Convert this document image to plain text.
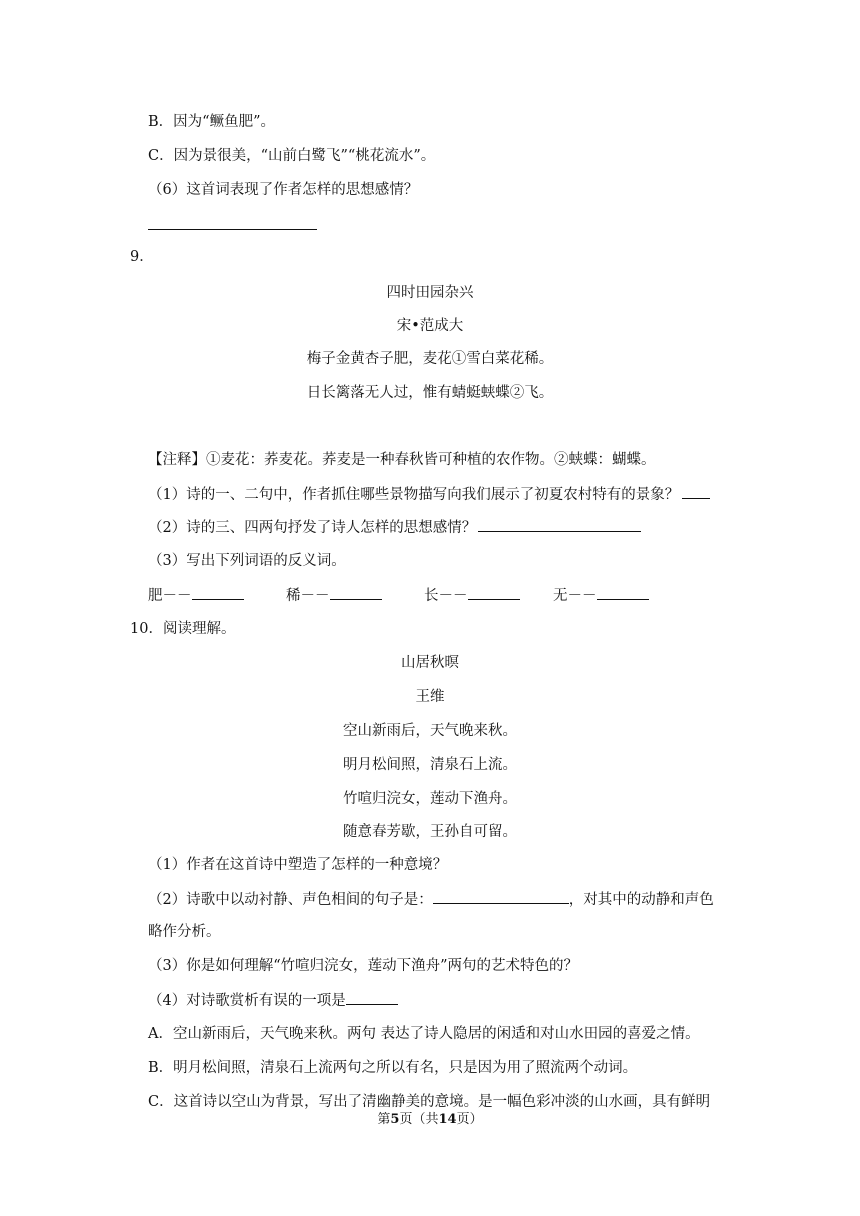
B．因为“鳜鱼肥”。
C．因为景很美，“山前白鹭飞”“桃花流水”。
（6）这首词表现了作者怎样的思想感情？
9．
四时田园杂兴
宋•范成大
梅子金黄杏子肥，麦花①雪白菜花稀。
日长篱落无人过，惟有蜻蜓蛱蝶②飞。
【注释】①麦花：荞麦花。荞麦是一种春秋皆可种植的农作物。②蛱蝶：蝴蝶。
（1）诗的一、二句中，作者抓住哪些景物描写向我们展示了初夏农村特有的景象？
（2）诗的三、四两句抒发了诗人怎样的思想感情？
（3）写出下列词语的反义词。
肥－－	稀－－	长－－	无－－
10．阅读理解。
山居秋暝
王维
空山新雨后，天气晚来秋。
明月松间照，清泉石上流。
竹喧归浣女，莲动下渔舟。
随意春芳歇，王孙自可留。
（1）作者在这首诗中塑造了怎样的一种意境？
（2）诗歌中以动衬静、声色相间的句子是：	，对其中的动静和声色
略作分析。
（3）你是如何理解“竹喧归浣女，莲动下渔舟”两句的艺术特色的？
（4）对诗歌赏析有误的一项是
A．空山新雨后，天气晚来秋。两句 表达了诗人隐居的闲适和对山水田园的喜爱之情。
B．明月松间照，清泉石上流两句之所以有名，只是因为用了照流两个动词。
C．这首诗以空山为背景，写出了清幽静美的意境。是一幅色彩冲淡的山水画，具有鲜明
第5页（共14页）
